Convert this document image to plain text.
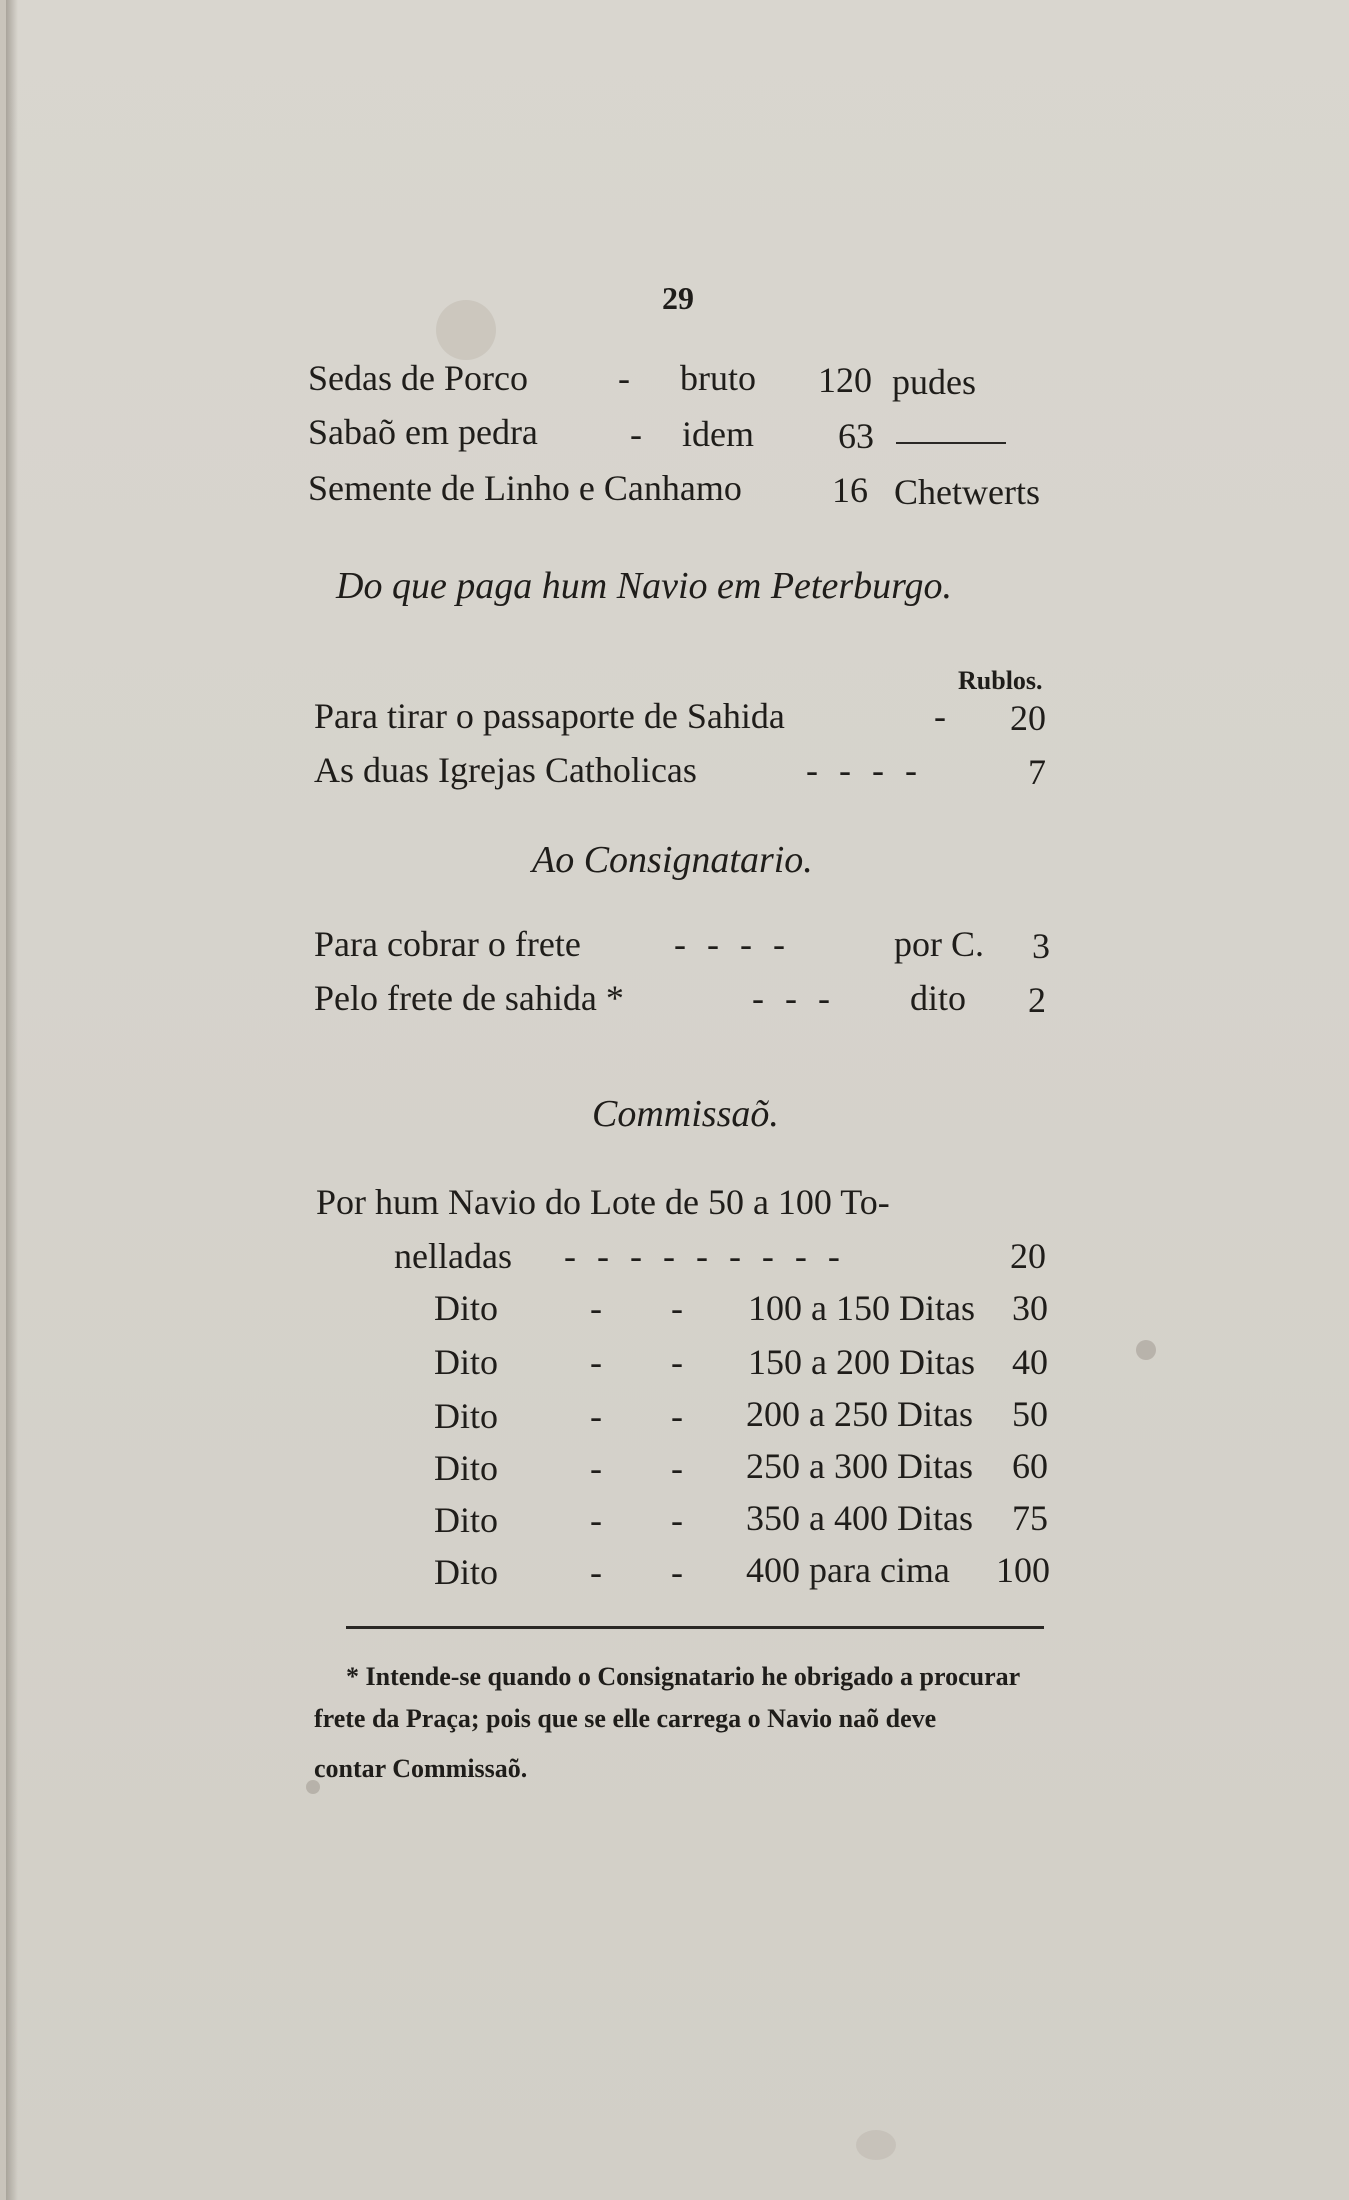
29
Sedas de Porco	- bruto 120 pudes
Sabaõ em pedra	- idem 63
Semente de Linho e Canhamo	16 Chetwerts
Do que paga hum Navio em Peterburgo.
Rublos.
Para tirar o passaporte de Sahida	- 20
As duas Igrejas Catholicas	- - - -	7
Ao Consignatario.
Para cobrar o frete	- - - -	por C. 3
Pelo frete de sahida *	- - - dito 2
Commissaõ.
Por hum Navio do Lote de 50 a 100 To-
nelladas - - - - - - - - -	20
Dito	- - 100 a 150 Ditas 30
Dito	- - 150 a 200 Ditas 40
Dito	- - 200 a 250 Ditas 50
Dito	- - 250 a 300 Ditas 60
Dito	- - 350 a 400 Ditas 75
Dito	- - 400 para cima 100
* Intende-se quando o Consignatario he obrigado a procurar
frete da Praça; pois que se elle carrega o Navio naõ deve
contar Commissaõ.
